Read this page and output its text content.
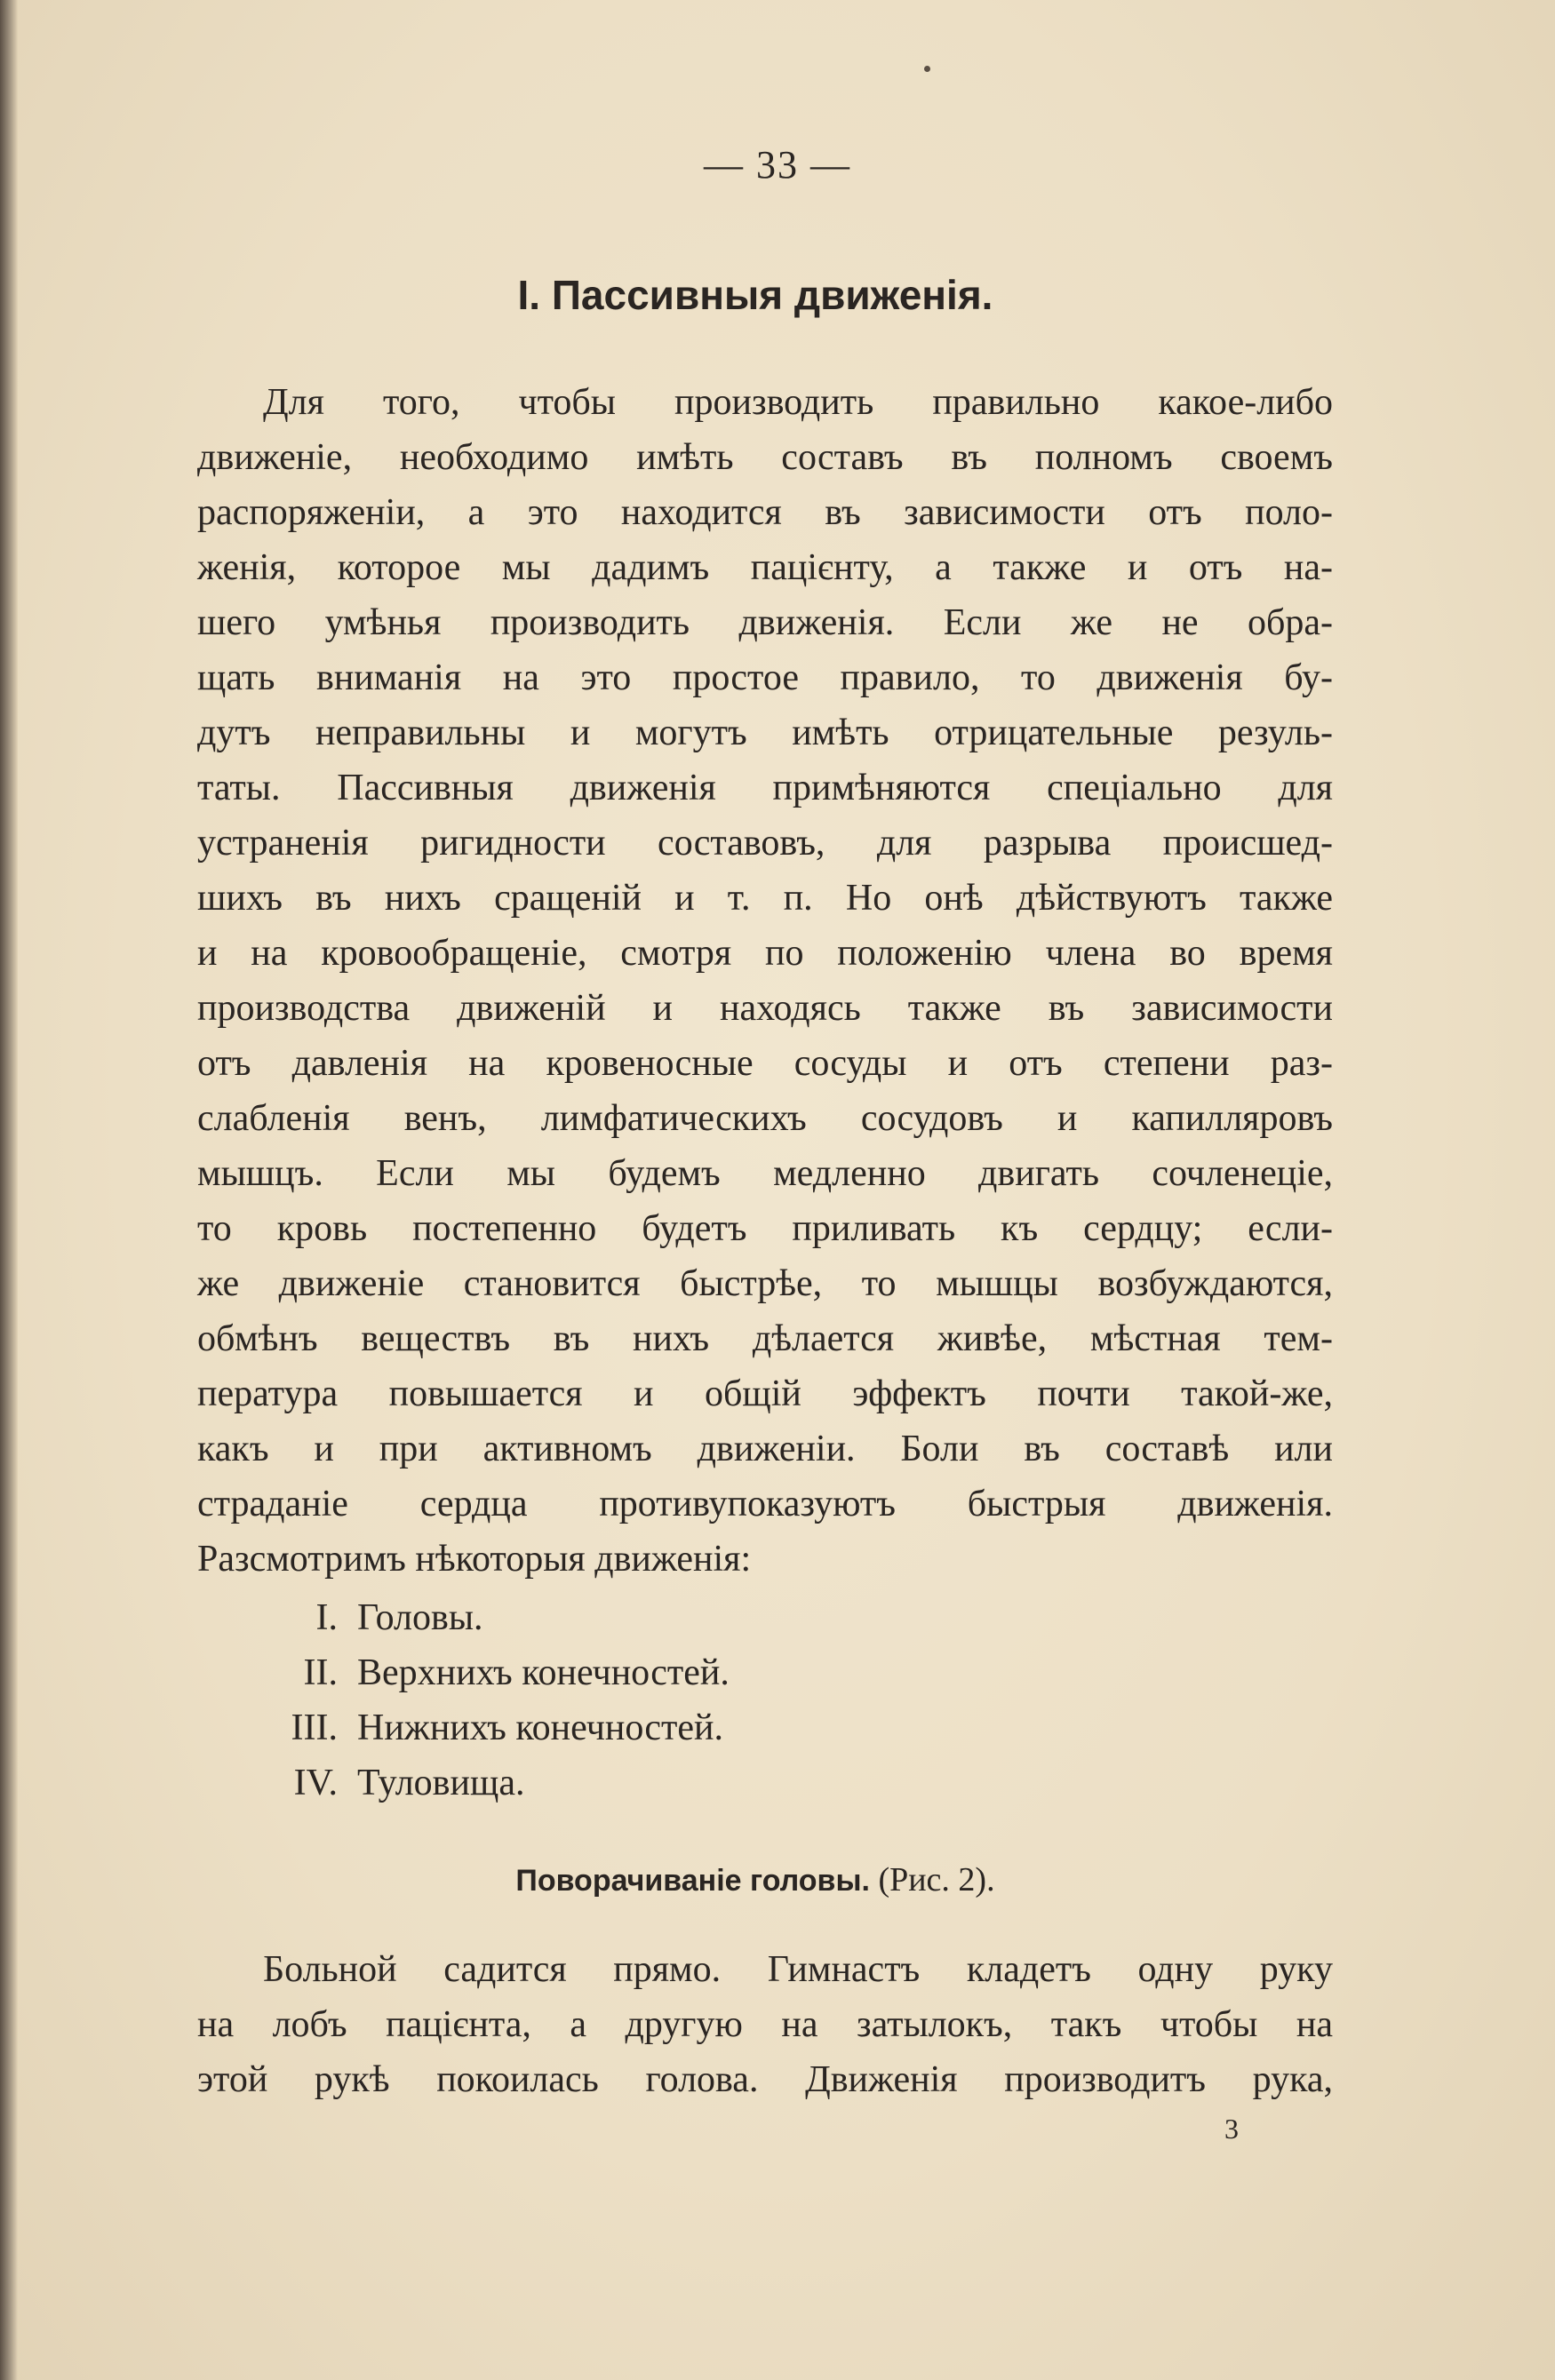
— 33 —
I. Пассивныя движенія.
Для того, чтобы производить правильно какое-либо
движеніе, необходимо имѣть составъ въ полномъ своемъ
распоряженіи, а это находится въ зависимости отъ поло-
женія, которое мы дадимъ пацієнту, а также и отъ на-
шего умѣнья производить движенія. Если же не обра-
щать вниманія на это простое правило, то движенія бу-
дутъ неправильны и могутъ имѣть отрицательные резуль-
таты. Пассивныя движенія примѣняются спеціально для
устраненія ригидности составовъ, для разрыва происшед-
шихъ въ нихъ сращеній и т. п. Но онѣ дѣйствуютъ также
и на кровообращеніе, смотря по положенію члена во время
производства движеній и находясь также въ зависимости
отъ давленія на кровеносные сосуды и отъ степени раз-
слабленія венъ, лимфатическихъ сосудовъ и капилляровъ
мышцъ. Если мы будемъ медленно двигать сочленеціе,
то кровь постепенно будетъ приливать къ сердцу; если-
же движеніе становится быстрѣе, то мышцы возбуждаются,
обмѣнъ веществъ въ нихъ дѣлается живѣе, мѣстная тем-
пература повышается и общій эффектъ почти такой-же,
какъ и при активномъ движеніи. Боли въ составѣ или
страданіе сердца противупоказуютъ быстрыя движенія.
Разсмотримъ нѣкоторыя движенія:
I. Головы.
II. Верхнихъ конечностей.
III. Нижнихъ конечностей.
IV. Туловища.
Поворачиваніе головы. (Рис. 2).
Больной садится прямо. Гимнастъ кладетъ одну руку
на лобъ пацієнта, а другую на затылокъ, такъ чтобы на
этой рукѣ покоилась голова. Движенія производитъ рука,
3
